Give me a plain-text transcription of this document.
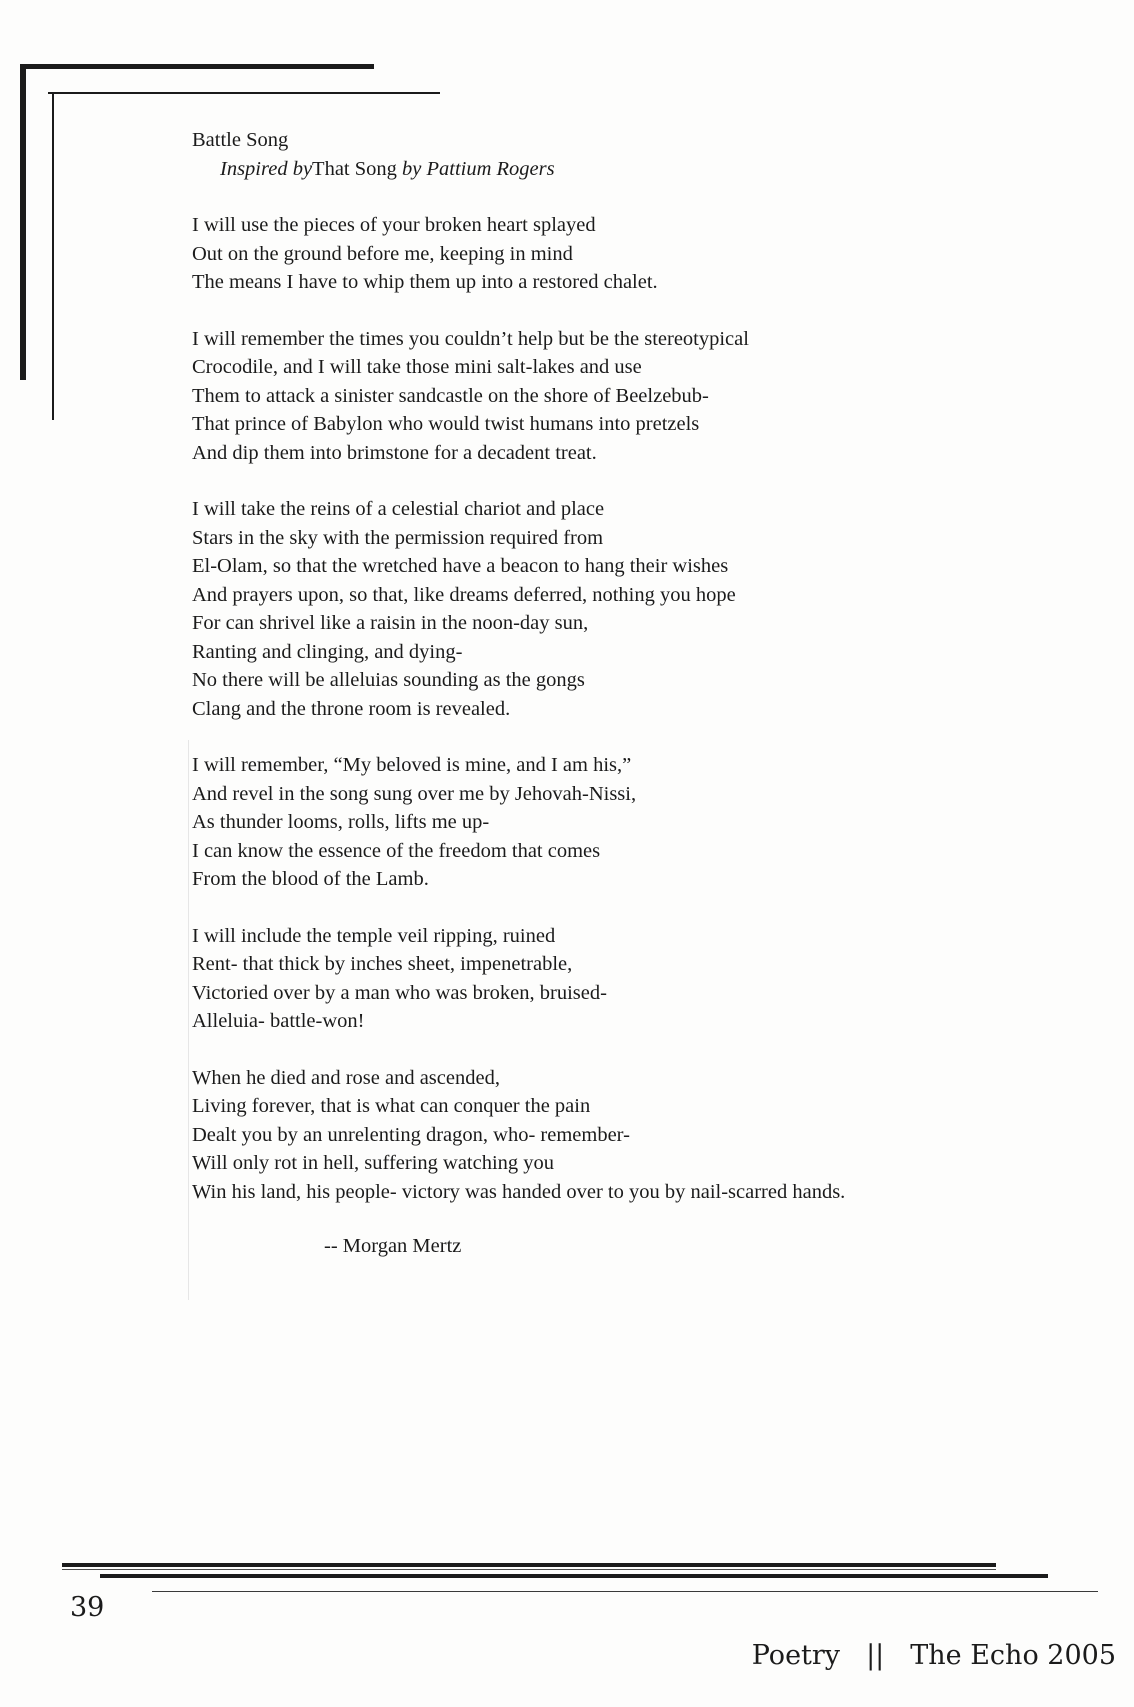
Battle Song
Inspired byThat Song by Pattium Rogers
I will use the pieces of your broken heart splayed
Out on the ground before me, keeping in mind
The means I have to whip them up into a restored chalet.
I will remember the times you couldn’t help but be the stereotypical
Crocodile, and I will take those mini salt-lakes and use
Them to attack a sinister sandcastle on the shore of Beelzebub-
That prince of Babylon who would twist humans into pretzels
And dip them into brimstone for a decadent treat.
I will take the reins of a celestial chariot and place
Stars in the sky with the permission required from
El-Olam, so that the wretched have a beacon to hang their wishes
And prayers upon, so that, like dreams deferred, nothing you hope
For can shrivel like a raisin in the noon-day sun,
Ranting and clinging, and dying-
No there will be alleluias sounding as the gongs
Clang and the throne room is revealed.
I will remember, “My beloved is mine, and I am his,”
And revel in the song sung over me by Jehovah-Nissi,
As thunder looms, rolls, lifts me up-
I can know the essence of the freedom that comes
From the blood of the Lamb.
I will include the temple veil ripping, ruined
Rent- that thick by inches sheet, impenetrable,
Victoried over by a man who was broken, bruised-
Alleluia- battle-won!
When he died and rose and ascended,
Living forever, that is what can conquer the pain
Dealt you by an unrelenting dragon, who- remember-
Will only rot in hell, suffering watching you
Win his land, his people- victory was handed over to you by nail-scarred hands.
-- Morgan Mertz
39
Poetry || The Echo 2005
